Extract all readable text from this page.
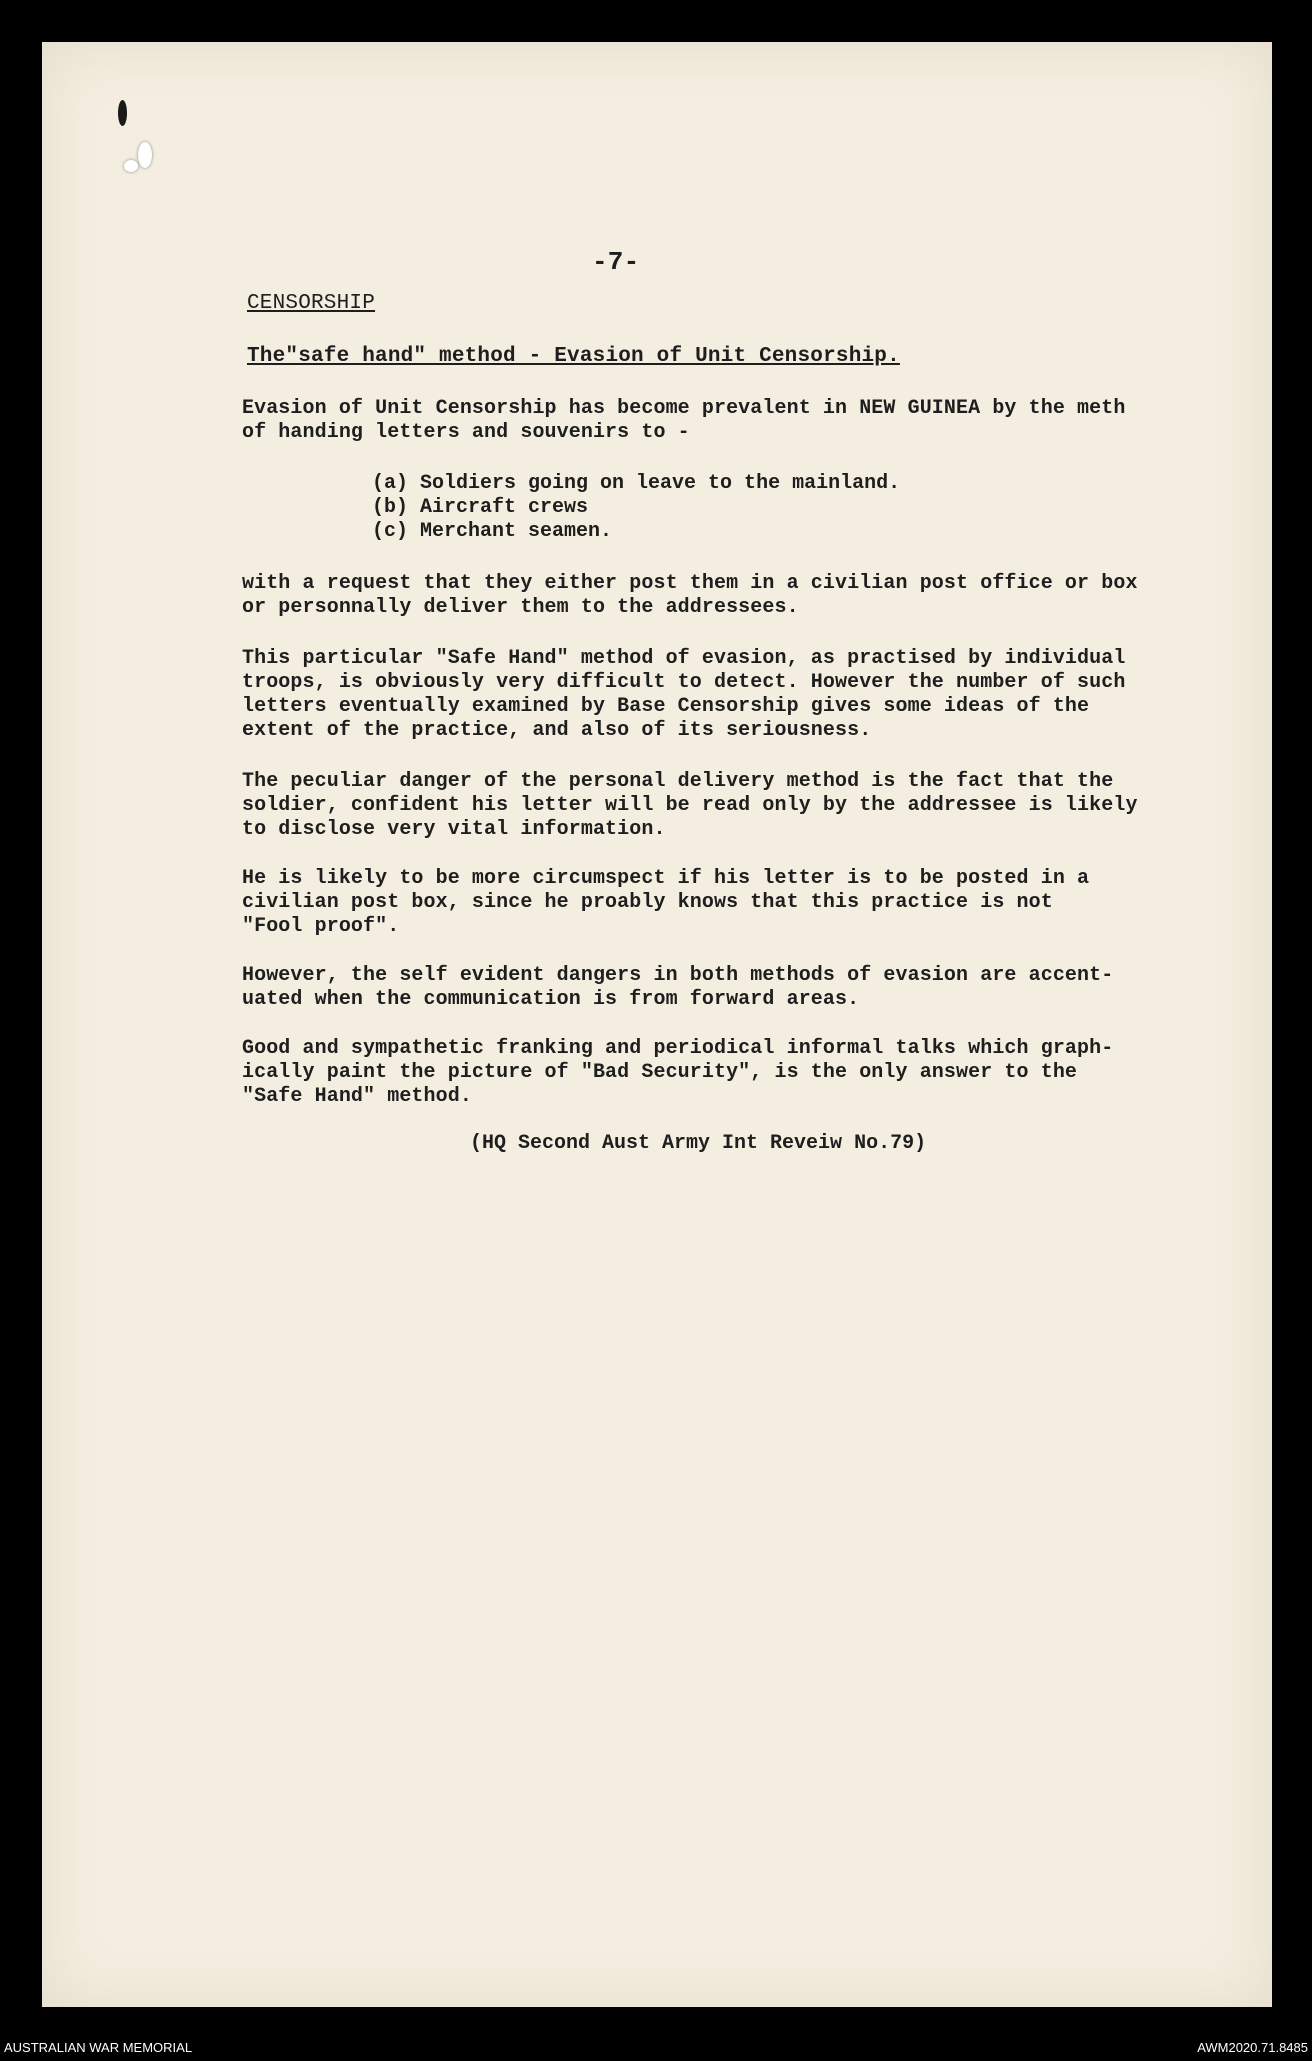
-7-
CENSORSHIP
The"safe hand" method - Evasion of Unit Censorship.

Evasion of Unit Censorship has become prevalent in NEW GUINEA by the meth

of handing letters and souvenirs to -

(a) Soldiers going on leave to the mainland.
(b) Aircraft crews
(c) Merchant seamen.

with a request that they either post them in a civilian post office or box

or personnally deliver them to the addressees.

This particular "Safe Hand" method of evasion, as practised by individual

troops, is obviously very difficult to detect. However the number of such

letters eventually examined by Base Censorship gives some ideas of the

extent of the practice, and also of its seriousness.

The peculiar danger of the personal delivery method is the fact that the

soldier, confident his letter will be read only by the addressee is likely

to disclose very vital information.

He is likely to be more circumspect if his letter is to be posted in a

civilian post box, since he proably knows that this practice is not

"Fool proof".

However, the self evident dangers in both methods of evasion are accent-

uated when the communication is from forward areas.

Good and sympathetic franking and periodical informal talks which graph-

ically paint the picture of "Bad Security", is the only answer to the

"Safe Hand" method.

(HQ Second Aust Army Int Reveiw No.79)
AUSTRALIAN WAR MEMORIAL	AWM2020.71.8485
